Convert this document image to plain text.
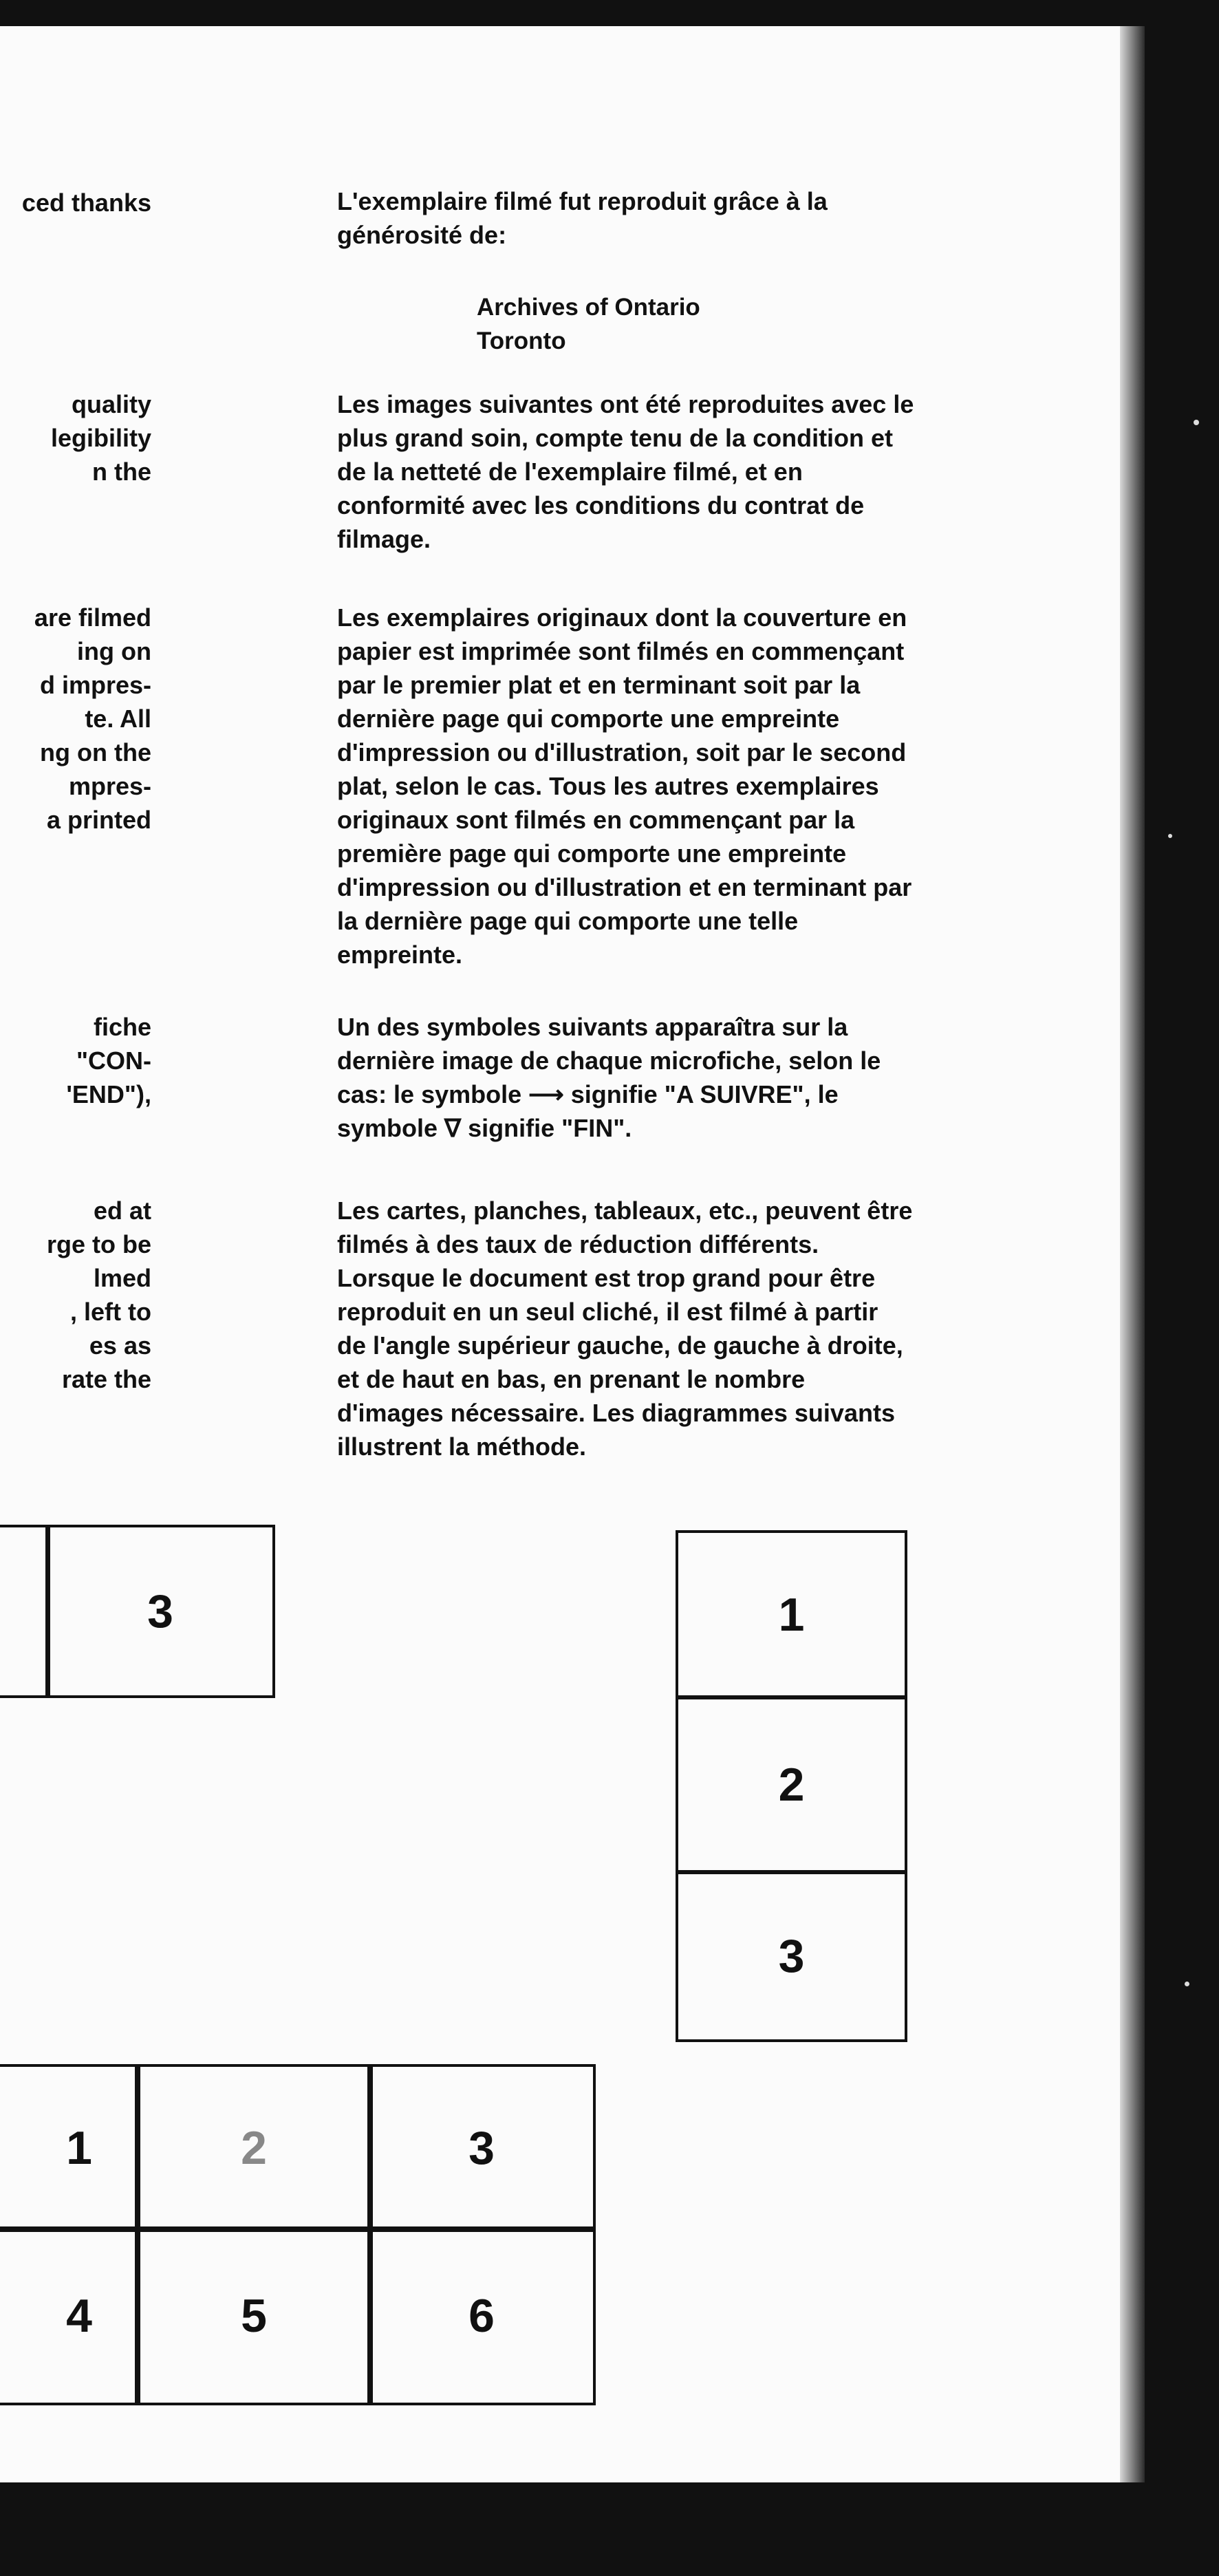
ced thanks

quality
legibility
n the

are filmed
ing on
d impres-
te. All
ng on the
mpres-
a printed

fiche
"CON-
'END"),

ed at
rge to be
lmed
, left to
es as
rate the

L'exemplaire filmé fut reproduit grâce à la
générosité de:

Archives of Ontario
Toronto

Les images suivantes ont été reproduites avec le
plus grand soin, compte tenu de la condition et
de la netteté de l'exemplaire filmé, et en
conformité avec les conditions du contrat de
filmage.

Les exemplaires originaux dont la couverture en
papier est imprimée sont filmés en commençant
par le premier plat et en terminant soit par la
dernière page qui comporte une empreinte
d'impression ou d'illustration, soit par le second
plat, selon le cas. Tous les autres exemplaires
originaux sont filmés en commençant par la
première page qui comporte une empreinte
d'impression ou d'illustration et en terminant par
la dernière page qui comporte une telle
empreinte.

Un des symboles suivants apparaîtra sur la
dernière image de chaque microfiche, selon le
cas: le symbole ⟶ signifie "A SUIVRE", le
symbole ∇ signifie "FIN".

Les cartes, planches, tableaux, etc., peuvent être
filmés à des taux de réduction différents.
Lorsque le document est trop grand pour être
reproduit en un seul cliché, il est filmé à partir
de l'angle supérieur gauche, de gauche à droite,
et de haut en bas, en prenant le nombre
d'images nécessaire. Les diagrammes suivants
illustrent la méthode.

3	1
2
3
1	2	3
4	5	6
